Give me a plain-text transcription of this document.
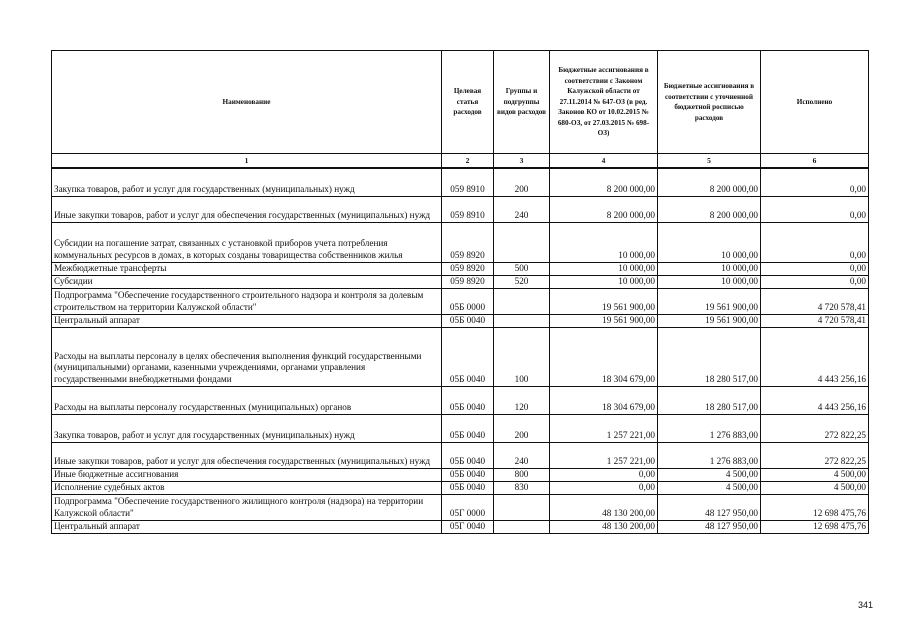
Наименование	Целевая статья расходов	Группы и подгруппы видов расходов	Бюджетные ассигнования в соответствии с Законом Калужской области от 27.11.2014 № 647-ОЗ (в ред. Законов КО от 10.02.2015 № 680-ОЗ, от 27.03.2015 № 698-ОЗ)	Бюджетные ассигнования в соответствии с уточненной бюджетной росписью расходов	Исполнено
1	2	3	4	5	6
Закупка товаров, работ и услуг для государственных (муниципальных) нужд	059 8910	200	8 200 000,00	8 200 000,00	0,00
Иные закупки товаров, работ и услуг для обеспечения государственных (муниципальных) нужд	059 8910	240	8 200 000,00	8 200 000,00	0,00
Субсидии на погашение затрат, связанных с установкой приборов учета потребления коммунальных ресурсов в домах, в которых созданы товарищества собственников жилья	059 8920		10 000,00	10 000,00	0,00
Межбюджетные трансферты	059 8920	500	10 000,00	10 000,00	0,00
Субсидии	059 8920	520	10 000,00	10 000,00	0,00
Подпрограмма "Обеспечение государственного строительного надзора и контроля за долевым строительством на территории Калужской области"	05Б 0000		19 561 900,00	19 561 900,00	4 720 578,41
Центральный аппарат	05Б 0040		19 561 900,00	19 561 900,00	4 720 578,41
Расходы на выплаты персоналу в целях обеспечения выполнения функций государственными (муниципальными) органами, казенными учреждениями, органами управления государственными внебюджетными фондами	05Б 0040	100	18 304 679,00	18 280 517,00	4 443 256,16
Расходы на выплаты персоналу государственных (муниципальных) органов	05Б 0040	120	18 304 679,00	18 280 517,00	4 443 256,16
Закупка товаров, работ и услуг для государственных (муниципальных) нужд	05Б 0040	200	1 257 221,00	1 276 883,00	272 822,25
Иные закупки товаров, работ и услуг для обеспечения государственных (муниципальных) нужд	05Б 0040	240	1 257 221,00	1 276 883,00	272 822,25
Иные бюджетные ассигнования	05Б 0040	800	0,00	4 500,00	4 500,00
Исполнение судебных актов	05Б 0040	830	0,00	4 500,00	4 500,00
Подпрограмма "Обеспечение государственного жилищного контроля (надзора) на территории Калужской области"	05Г 0000		48 130 200,00	48 127 950,00	12 698 475,76
Центральный аппарат	05Г 0040		48 130 200,00	48 127 950,00	12 698 475,76
341
